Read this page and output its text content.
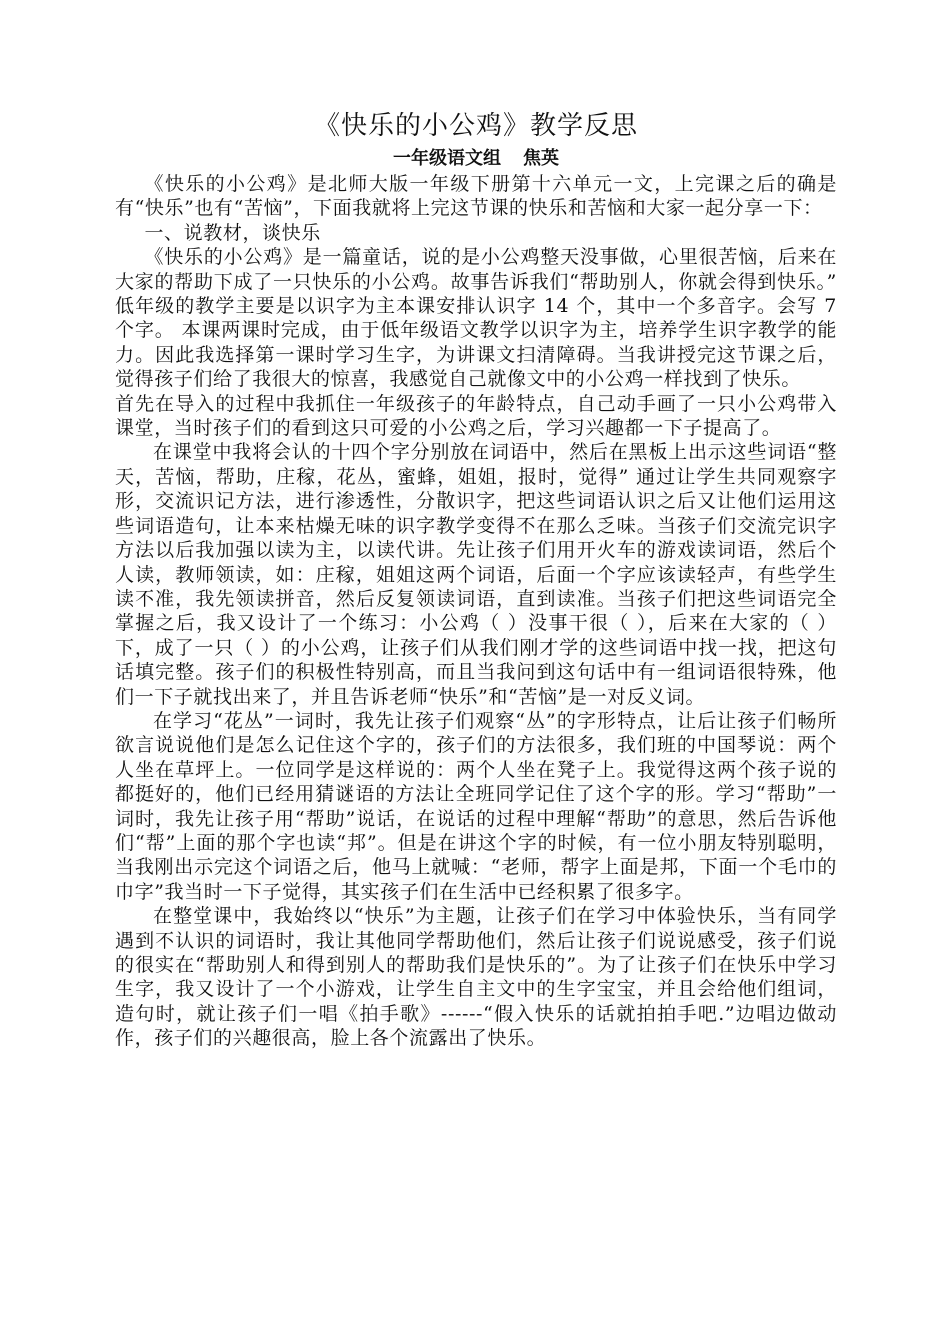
《快乐的小公鸡》教学反思

一年级语文组 焦英

《快乐的小公鸡》是北师大版一年级下册第十六单元一文，上完课之后的确是有“快乐”也有“苦恼”，下面我就将上完这节课的快乐和苦恼和大家一起分享一下：

一、说教材，谈快乐

《快乐的小公鸡》是一篇童话，说的是小公鸡整天没事做，心里很苦恼，后来在大家的帮助下成了一只快乐的小公鸡。故事告诉我们“帮助别人，你就会得到快乐。” 低年级的教学主要是以识字为主本课安排认识字 14 个，其中一个多音字。会写 7 个字。 本课两课时完成，由于低年级语文教学以识字为主，培养学生识字教学的能力。因此我选择第一课时学习生字，为讲课文扫清障碍。当我讲授完这节课之后，觉得孩子们给了我很大的惊喜，我感觉自己就像文中的小公鸡一样找到了快乐。

首先在导入的过程中我抓住一年级孩子的年龄特点，自己动手画了一只小公鸡带入课堂，当时孩子们的看到这只可爱的小公鸡之后，学习兴趣都一下子提高了。

在课堂中我将会认的十四个字分别放在词语中，然后在黑板上出示这些词语“整天，苦恼，帮助，庄稼，花丛，蜜蜂，姐姐，报时，觉得” 通过让学生共同观察字形，交流识记方法，进行渗透性，分散识字，把这些词语认识之后又让他们运用这些词语造句，让本来枯燥无味的识字教学变得不在那么乏味。当孩子们交流完识字方法以后我加强以读为主，以读代讲。先让孩子们用开火车的游戏读词语，然后个人读，教师领读，如：庄稼，姐姐这两个词语，后面一个字应该读轻声，有些学生读不准，我先领读拼音，然后反复领读词语，直到读准。当孩子们把这些词语完全掌握之后，我又设计了一个练习：小公鸡（ ）没事干很（ ），后来在大家的（ ）下，成了一只（ ）的小公鸡，让孩子们从我们刚才学的这些词语中找一找，把这句话填完整。孩子们的积极性特别高，而且当我问到这句话中有一组词语很特殊，他们一下子就找出来了，并且告诉老师“快乐”和“苦恼”是一对反义词。

在学习“花丛”一词时，我先让孩子们观察“丛”的字形特点，让后让孩子们畅所欲言说说他们是怎么记住这个字的，孩子们的方法很多，我们班的中国琴说：两个人坐在草坪上。一位同学是这样说的：两个人坐在凳子上。我觉得这两个孩子说的都挺好的，他们已经用猜谜语的方法让全班同学记住了这个字的形。学习“帮助”一词时，我先让孩子用“帮助”说话，在说话的过程中理解“帮助”的意思，然后告诉他们“帮”上面的那个字也读“邦”。但是在讲这个字的时候，有一位小朋友特别聪明，当我刚出示完这个词语之后，他马上就喊：“老师，帮字上面是邦，下面一个毛巾的巾字”我当时一下子觉得，其实孩子们在生活中已经积累了很多字。

在整堂课中，我始终以“快乐”为主题，让孩子们在学习中体验快乐，当有同学遇到不认识的词语时，我让其他同学帮助他们，然后让孩子们说说感受，孩子们说的很实在“帮助别人和得到别人的帮助我们是快乐的”。为了让孩子们在快乐中学习生字，我又设计了一个小游戏，让学生自主文中的生字宝宝，并且会给他们组词，造句时，就让孩子们一唱《拍手歌》------“假入快乐的话就拍拍手吧.”边唱边做动作，孩子们的兴趣很高，脸上各个流露出了快乐。
